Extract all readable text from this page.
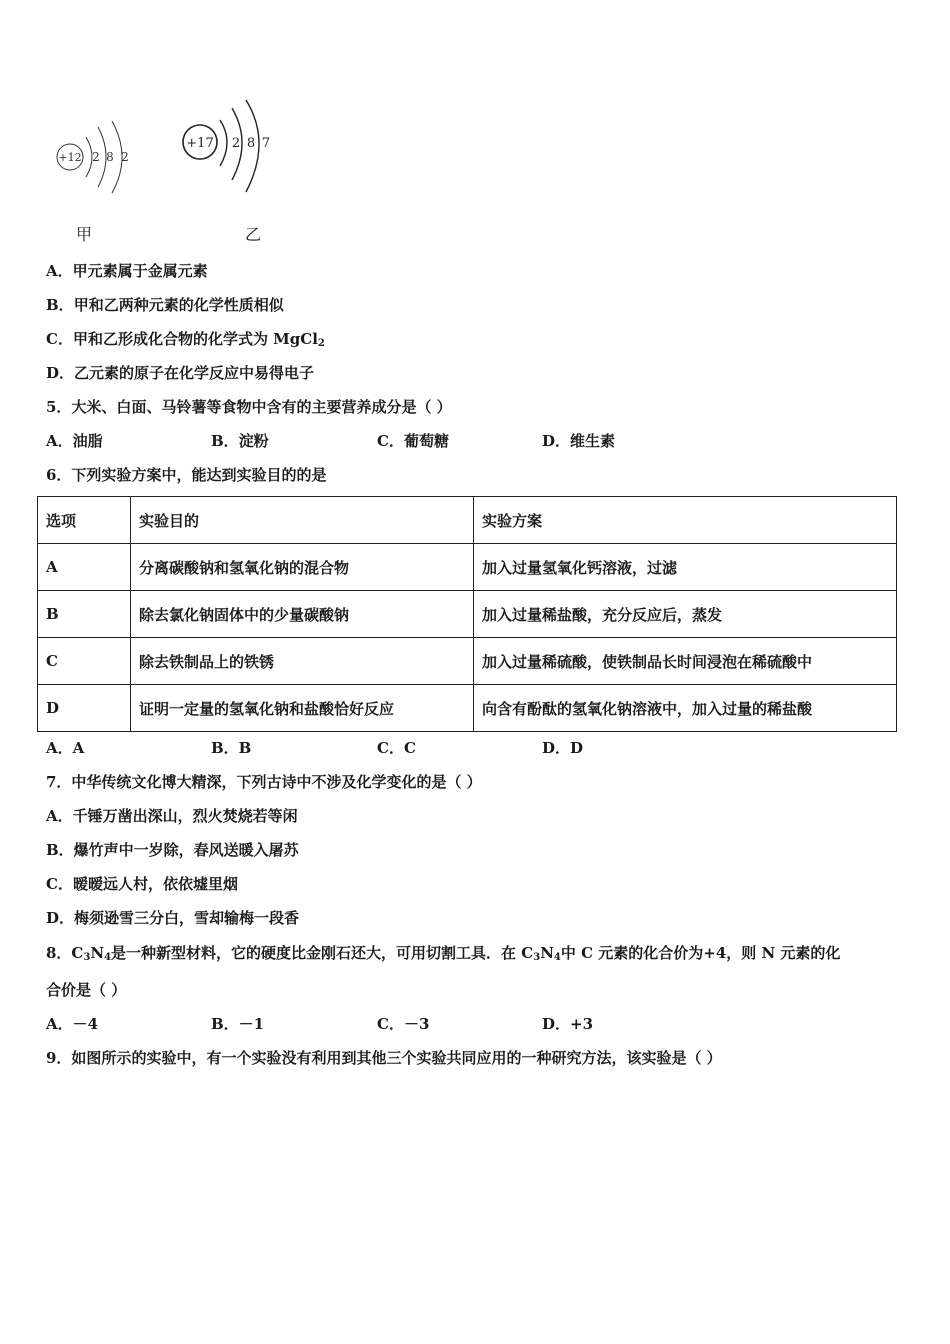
+12 2 8 2
+17 2 8 7
甲	乙
A．甲元素属于金属元素
B．甲和乙两种元素的化学性质相似
C．甲和乙形成化合物的化学式为 MgCl$_2$
D．乙元素的原子在化学反应中易得电子
5．大米、白面、马铃薯等食物中含有的主要营养成分是（ ）
A．油脂	B．淀粉	C．葡萄糖	D．维生素
6．下列实验方案中，能达到实验目的的是
选项	实验目的	实验方案
A	分离碳酸钠和氢氧化钠的混合物	加入过量氢氧化钙溶液，过滤
B	除去氯化钠固体中的少量碳酸钠	加入过量稀盐酸，充分反应后，蒸发
C	除去铁制品上的铁锈	加入过量稀硫酸，使铁制品长时间浸泡在稀硫酸中
D	证明一定量的氢氧化钠和盐酸恰好反应	向含有酚酞的氢氧化钠溶液中，加入过量的稀盐酸
A．A	B．B	C．C	D．D
7．中华传统文化博大精深，下列古诗中不涉及化学变化的是（ ）
A．千锤万凿出深山，烈火焚烧若等闲
B．爆竹声中一岁除，春风送暖入屠苏
C．暧暧远人村，依依墟里烟
D．梅须逊雪三分白，雪却输梅一段香
8．$C_3N_4$是一种新型材料，它的硬度比金刚石还大，可用切割工具．在 $C_3N_4$中 C 元素的化合价为+4，则 N 元素的化
合价是（ ）
A．－4	B．－1	C．－3	D．+3
9．如图所示的实验中，有一个实验没有利用到其他三个实验共同应用的一种研究方法，该实验是（ ）
